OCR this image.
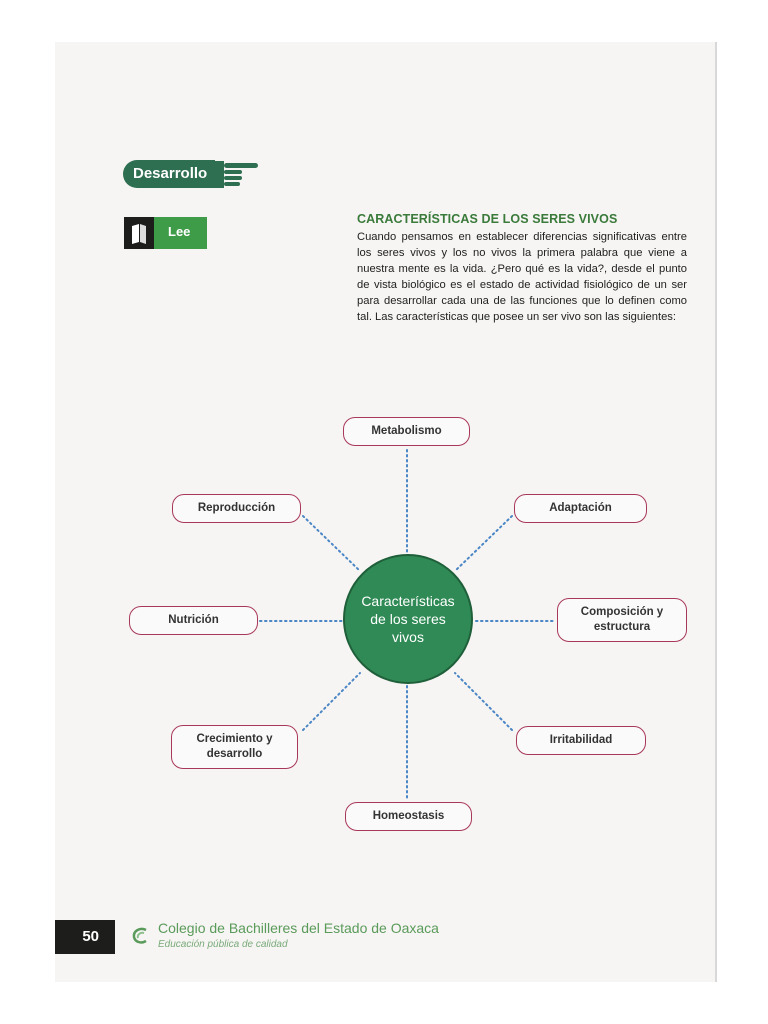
Desarrollo
Lee
CARACTERÍSTICAS DE LOS SERES VIVOS

Cuando pensamos en establecer diferencias significativas entre los seres vivos y los no vivos la primera palabra que viene a nuestra mente es la vida. ¿Pero qué es la vida?, desde el punto de vista biológico es el estado de actividad fisiológico de un ser para desarrollar cada una de las funciones que lo definen como tal. Las características que posee un ser vivo son las siguientes:

Metabolismo
Reproducción	Adaptación
Nutrición
Composición y estructura
Crecimiento y desarrollo
Irritabilidad
Homeostasis
Características de los seres vivos
50	Colegio de Bachilleres del Estado de Oaxaca
Educación pública de calidad
